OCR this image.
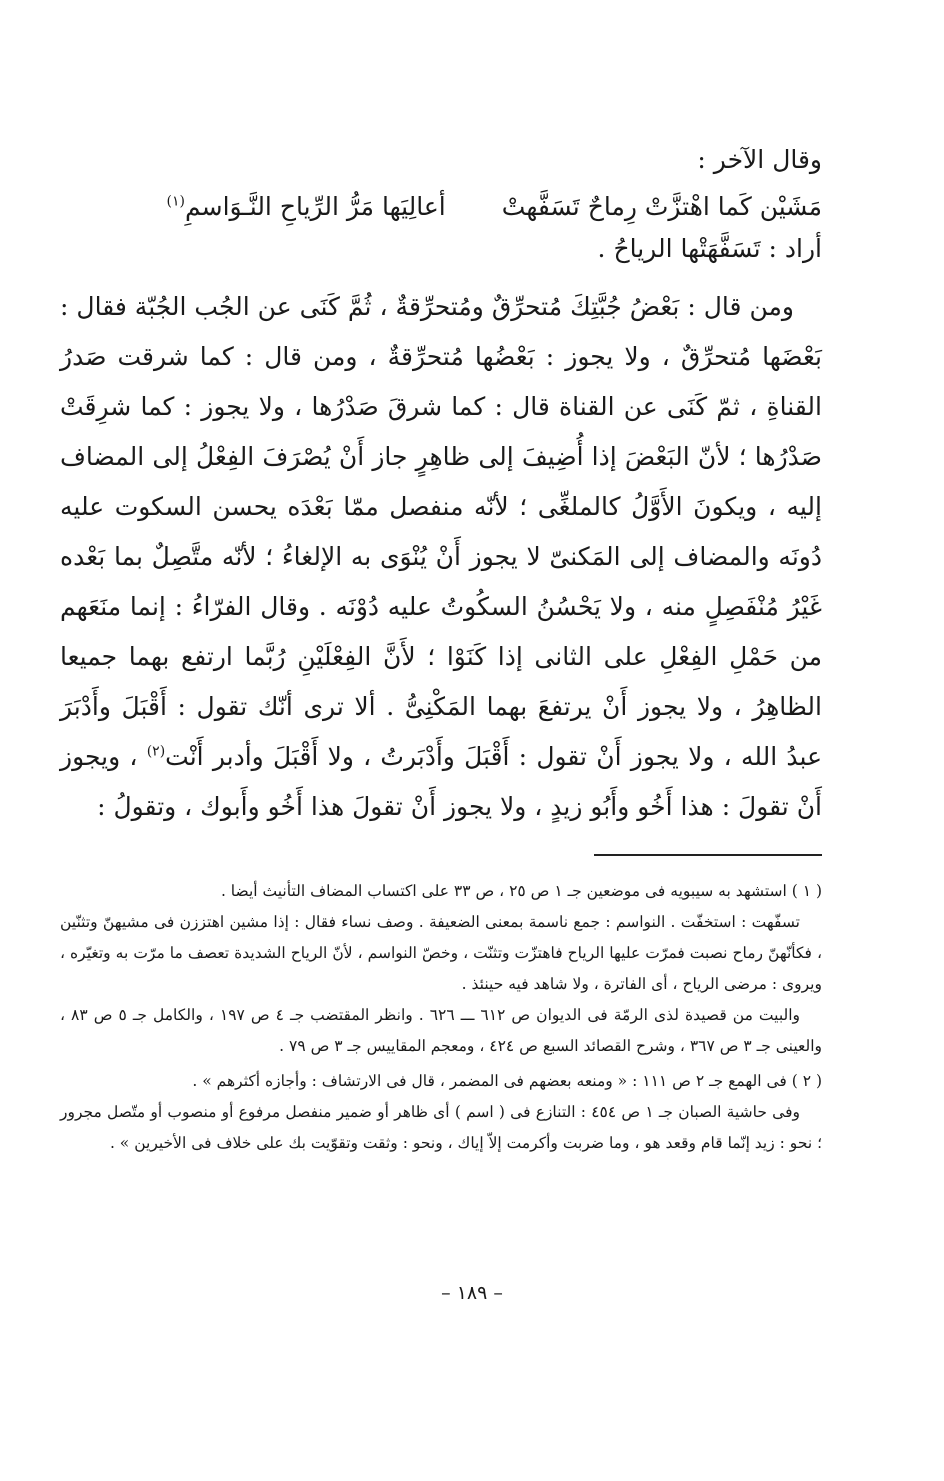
وقال الآخر :

مَشَيْن كَما اهْتزَّتْ رِماحٌ تَسَفَّهتْ
أعالِيَها مَرُّ الرِّياحِ النَّـوَاسمِ$^{(١)}$

أراد : تَسَفَّهَتْها الرياحُ .

ومن قال : بَعْضُ جُبَّتِكَ مُتحرِّقٌ ومُتحرِّقةٌ ، ثُمَّ كَنَى عن الجُب الجُبّة فقال : بَعْضَها مُتحرِّقٌ ، ولا يجوز : بَعْضُها مُتحرِّقةٌ ، ومن قال : كما شرقت صَدرُ القناةِ ، ثمّ كَنَى عن القناة قال : كما شرقَ صَدْرُها ، ولا يجوز : كما شرِقَتْ صَدْرُها ؛ لأنّ البَعْضَ إذا أُضِيفَ إلى ظاهِرٍ جاز أَنْ يُصْرَفَ الفِعْلُ إلى المضاف إليه ، ويكونَ الأَوَّلُ كالملغِّى ؛ لأنّه منفصل ممّا بَعْدَه يحسن السكوت عليه دُونَه والمضاف إلى المَكنىّ لا يجوز أَنْ يُنْوَى به الإلغاءُ ؛ لأنّه متَّصِلٌ بما بَعْده غَيْرُ مُنْفَصِلٍ منه ، ولا يَحْسُنُ السكُوتُ عليه دُوْنَه . وقال الفرّاءُ : إنما منَعَهم من حَمْلِ الفِعْلِ على الثانى إذا كَنَوْا ؛ لأَنَّ الفِعْلَيْنِ رُبَّما ارتفع بهما جميعا الظاهِرُ ، ولا يجوز أَنْ يرتفعَ بهما المَكْنِىُّ . ألا ترى أنّك تقول : أَقْبَلَ وأَدْبَرَ عبدُ الله ، ولا يجوز أَنْ تقول : أَقْبَلَ وأَدْبَرتُ ، ولا أَقْبَلَ وأدبر أَنْت$^{(٢)}$ ، ويجوز أَنْ تقولَ : هذا أَخُو وأَبُو زيدٍ ، ولا يجوز أَنْ تقولَ هذا أَخُو وأَبوك ، وتقولُ :

( ١ ) استشهد به سيبويه فى موضعين جـ ١ ص ٢٥ ، ص ٣٣ على اكتساب المضاف التأنيث أيضا .

تسفّهت : استخفّت . النواسم : جمع ناسمة بمعنى الضعيفة . وصف نساء فقال : إذا مشين اهتززن فى مشيهنّ وتثنّين ، فكأنّهنّ رماح نصبت فمرّت عليها الرياح فاهتزّت وتثنّت ، وخصّ النواسم ، لأنّ الرياح الشديدة تعصف ما مرّت به وتغيّره ، ويروى : مرضى الرياح ، أى الفاترة ، ولا شاهد فيه حينئذ .

والبيت من قصيدة لذى الرمّة فى الديوان ص ٦١٢ ـــ ٦٢٦ . وانظر المقتضب جـ ٤ ص ١٩٧ ، والكامل جـ ٥ ص ٨٣ ، والعينى جـ ٣ ص ٣٦٧ ، وشرح القصائد السبع ص ٤٢٤ ، ومعجم المقاييس جـ ٣ ص ٧٩ .

( ٢ ) فى الهمع جـ ٢ ص ١١١ : « ومنعه بعضهم فى المضمر ، قال فى الارتشاف : وأجازه أكثرهم » .

وفى حاشية الصبان جـ ١ ص ٤٥٤ : التنازع فى ( اسم ) أى ظاهر أو ضمير منفصل مرفوع أو منصوب أو متّصل مجرور ؛ نحو : زيد إنّما قام وقعد هو ، وما ضربت وأكرمت إلاّ إياك ، ونحو : وثقت وتقوّيت بك على خلاف فى الأخيرين » .

– ١٨٩ –
